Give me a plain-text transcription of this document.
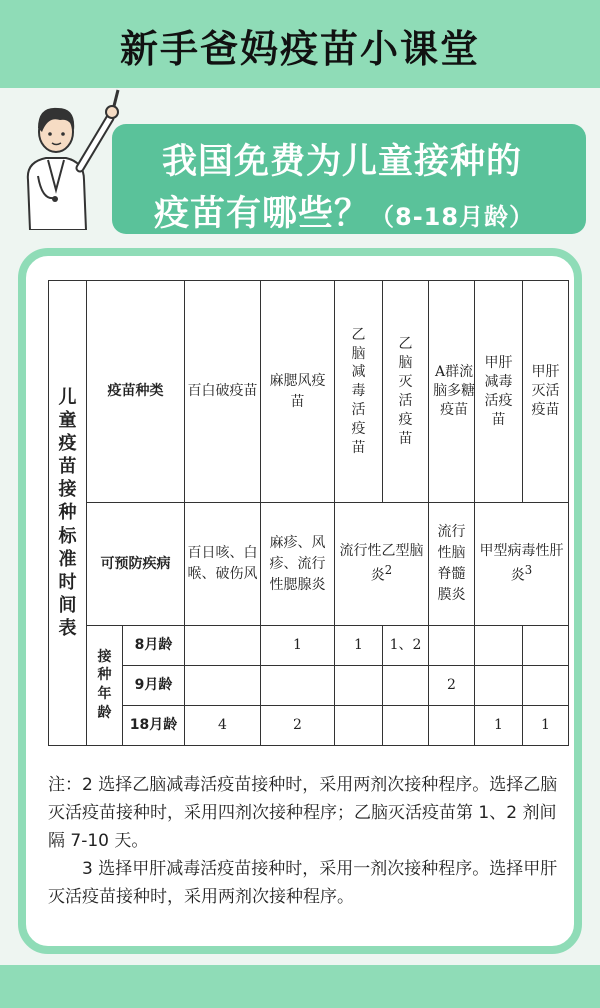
新手爸妈疫苗小课堂
我国免费为儿童接种的
疫苗有哪些？（8-18月龄）
儿童疫苗接种标准时间表	疫苗种类		百白破疫苗	麻腮风疫苗	乙脑减毒活疫苗	乙脑灭活疫苗	A群流脑多糖疫苗	甲肝减毒活疫苗	甲肝灭活疫苗

	可预防疾病		百日咳、白喉、破伤风	麻疹、风疹、流行性腮腺炎	流行性乙型脑炎$^2$		流行性脑脊髓膜炎	甲型病毒性肝炎$^3$

	接种年龄	8月龄		1	1	1、2			
		9月龄					2		
		18月龄	4	2				1	1

注：2 选择乙脑减毒活疫苗接种时，采用两剂次接种程序。选择乙脑灭活疫苗接种时，采用四剂次接种程序；乙脑灭活疫苗第 1、2 剂间隔 7-10 天。

3 选择甲肝减毒活疫苗接种时，采用一剂次接种程序。选择甲肝灭活疫苗接种时，采用两剂次接种程序。
